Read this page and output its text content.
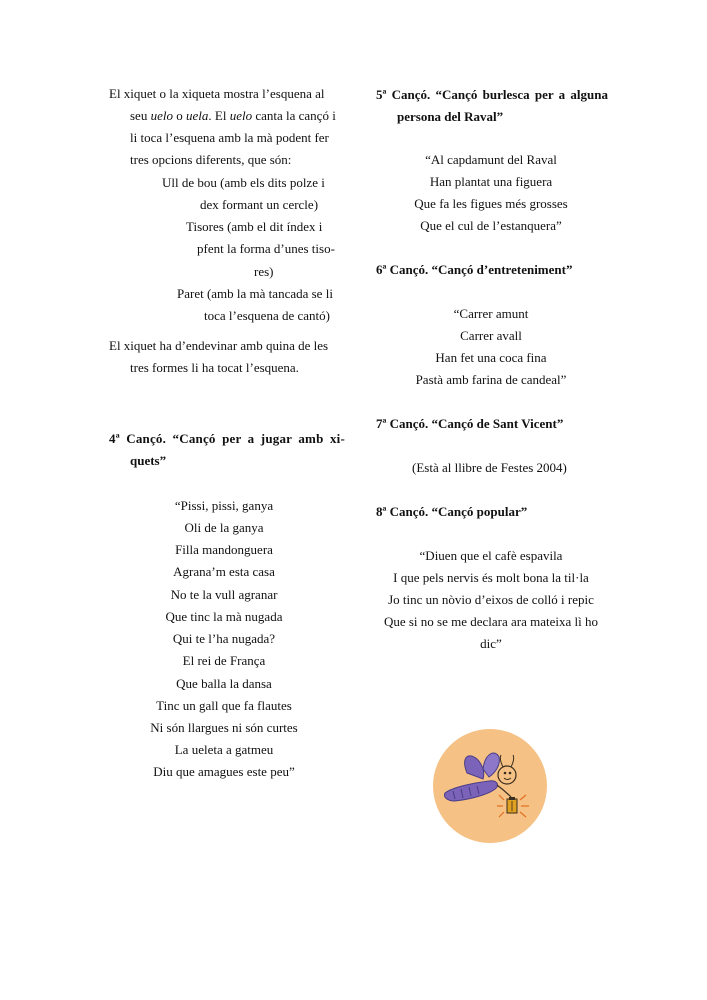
El xiquet o la xiqueta mostra l’esquena al
seu uelo o uela. El uelo canta la cançó i
li toca l’esquena amb la mà podent fer
tres opcions diferents, que són:
Ull de bou (amb els dits polze i
dex formant un cercle)
Tisores (amb el dit índex i
pfent la forma d’unes tiso-
res)
Paret (amb la mà tancada se li
toca l’esquena de cantó)
El xiquet ha d’endevinar amb quina de les
tres formes li ha tocat l’esquena.
4ª Cançó. “Cançó per a jugar amb xi-
quets”
“Pissi, pissi, ganya
Oli de la ganya
Filla mandonguera
Agrana’m esta casa
No te la vull agranar
Que tinc la mà nugada
Qui te l’ha nugada?
El rei de França
Que balla la dansa
Tinc un gall que fa flautes
Ni són llargues ni són curtes
La ueleta a gatmeu
Diu que amagues este peu”
5ª Cançó. “Cançó burlesca per a alguna
persona del Raval”
“Al capdamunt del Raval
Han plantat una figuera
Que fa les figues més grosses
Que el cul de l’estanquera”
6ª Cançó. “Cançó d’entreteniment”
“Carrer amunt
Carrer avall
Han fet una coca fina
Pastà amb farina de candeal”
7ª Cançó. “Cançó de Sant Vicent”
(Està al llibre de Festes 2004)
8ª Cançó. “Cançó popular”
“Diuen que el cafè espavila
I que pels nervis és molt bona la til·la
Jo tinc un nòvio d’eixos de colló i repic
Que si no se me declara ara mateixa lì ho
dic”
